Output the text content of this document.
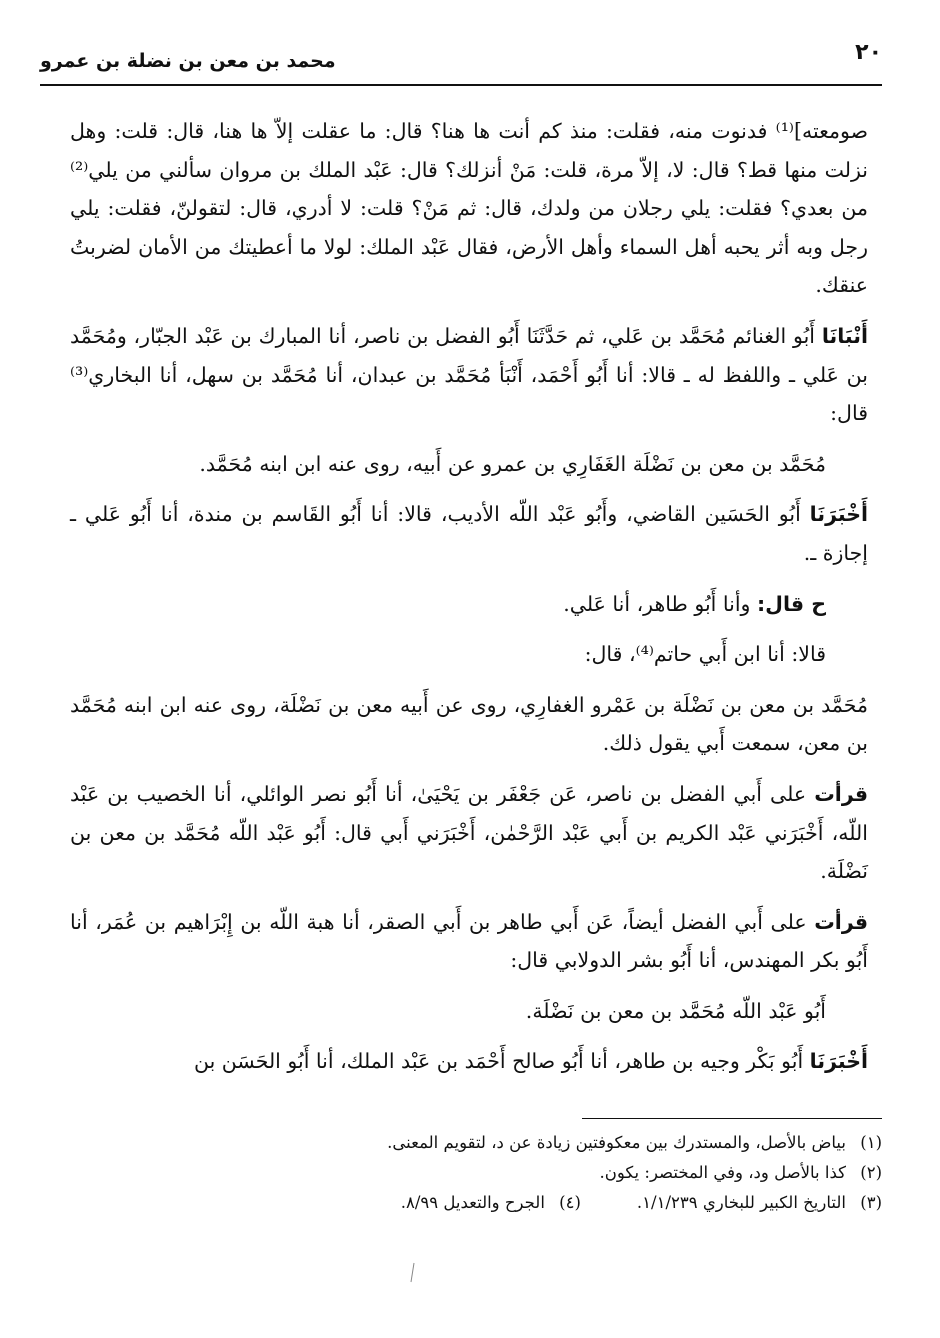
٢٠
محمد بن معن بن نضلة بن عمرو

صومعته]⁽¹⁾ فدنوت منه، فقلت: منذ كم أنت ها هنا؟ قال: ما عقلت إلاّ ها هنا، قال: قلت: وهل نزلت منها قط؟ قال: لا، إلاّ مرة، قلت: مَنْ أنزلك؟ قال: عَبْد الملك بن مروان سألني من يلي⁽²⁾ من بعدي؟ فقلت: يلي رجلان من ولدك، قال: ثم مَنْ؟ قلت: لا أدري، قال: لتقولنّ، فقلت: يلي رجل وبه أثر يحبه أهل السماء وأهل الأرض، فقال عَبْد الملك: لولا ما أعطيتك من الأمان لضربتُ عنقك.

أَنْبَانَا أَبُو الغنائم مُحَمَّد بن عَلي، ثم حَدَّثَنَا أَبُو الفضل بن ناصر، أنا المبارك بن عَبْد الجبّار، ومُحَمَّد بن عَلي ـ واللفظ له ـ قالا: أنا أَبُو أَحْمَد، أَنْبَأ مُحَمَّد بن عبدان، أنا مُحَمَّد بن سهل، أنا البخاري⁽³⁾ قال:

مُحَمَّد بن معن بن نَضْلَة الغَفَارِي بن عمرو عن أَبيه، روى عنه ابن ابنه مُحَمَّد.

أَخْبَرَنَا أَبُو الحَسَين القاضي، وأَبُو عَبْد اللّه الأديب، قالا: أنا أَبُو القَاسم بن مندة، أنا أَبُو عَلي ـ إجازة ـ.

ح قال: وأنا أَبُو طاهر، أنا عَلي.

قالا: أنا ابن أَبي حاتم⁽⁴⁾، قال:

مُحَمَّد بن معن بن نَضْلَة بن عَمْرو الغفارِي، روى عن أَبيه معن بن نَضْلَة، روى عنه ابن ابنه مُحَمَّد بن معن، سمعت أَبي يقول ذلك.

قرأت على أَبي الفضل بن ناصر، عَن جَعْفَر بن يَحْيَىٰ، أنا أَبُو نصر الوائلي، أنا الخصيب بن عَبْد اللّه، أَخْبَرَني عَبْد الكريم بن أَبي عَبْد الرَّحْمٰن، أَخْبَرَني أَبي قال: أَبُو عَبْد اللّه مُحَمَّد بن معن بن نَضْلَة.

قرأت على أَبي الفضل أيضاً، عَن أَبي طاهر بن أَبي الصقر، أنا هبة اللّه بن إِبْرَاهيم بن عُمَر، أنا أَبُو بكر المهندس، أنا أَبُو بشر الدولابي قال:

أَبُو عَبْد اللّه مُحَمَّد بن معن بن نَضْلَة.

أَخْبَرَنَا أَبُو بَكْر وجيه بن طاهر، أنا أَبُو صالح أَحْمَد بن عَبْد الملك، أنا أَبُو الحَسَن بن

(١)بياض بالأصل، والمستدرك بين معكوفتين زيادة عن د، لتقويم المعنى.

(٢)كذا بالأصل ود، وفي المختصر: يكون.

(٣)التاريخ الكبير للبخاري ١/١/٢٣٩.

(٤)الجرح والتعديل ٨/٩٩.
